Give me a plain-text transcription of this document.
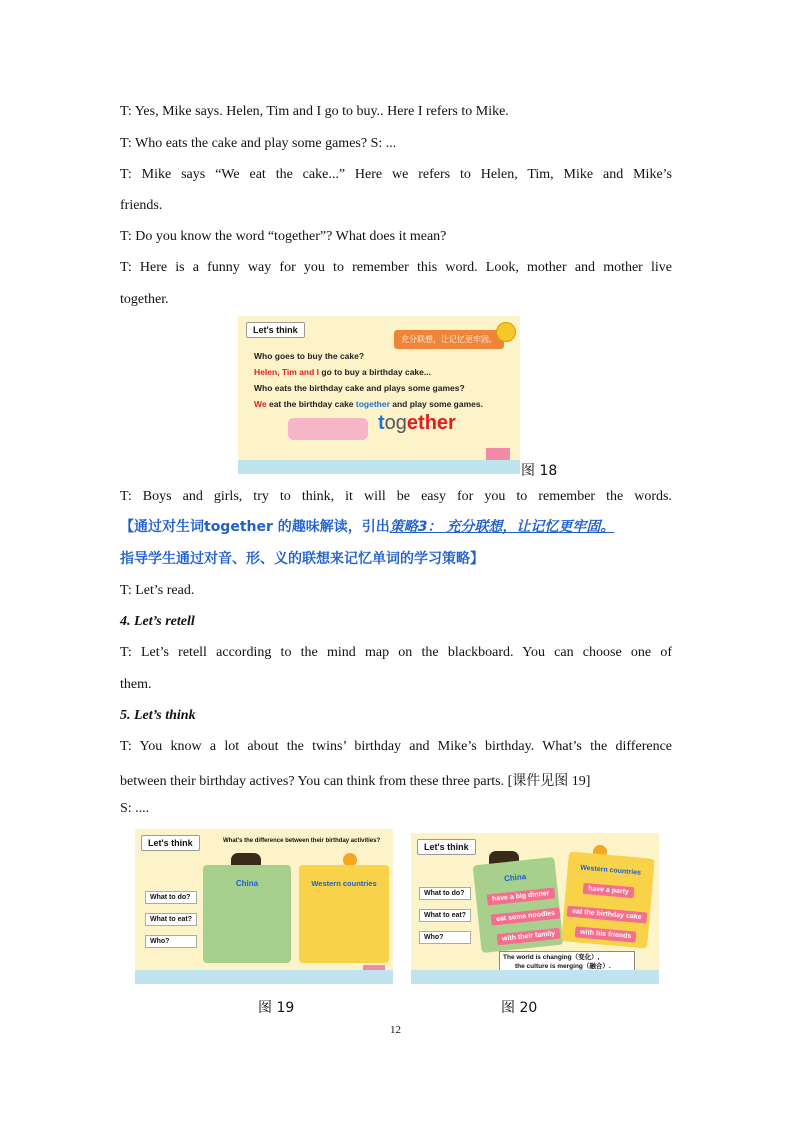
T: Yes, Mike says. Helen, Tim and I go to buy.. Here I refers to Mike.
T: Who eats the cake and play some games? S: ...
T: Mike says “We eat the cake...” Here we refers to Helen, Tim, Mike and Mike’s
friends.
T: Do you know the word “together”? What does it mean?
T: Here is a funny way for you to remember this word. Look, mother and mother live
together.
Let's think
充分联想，让记忆更牢固。
Who goes to buy the cake?
Helen, Tim and I go to buy a birthday cake...
Who eats the birthday cake and plays some games?
We eat the birthday cake together and play some games.
together
图 18
T: Boys and girls, try to think, it will be easy for you to remember the words.
【通过对生词together 的趣味解读，引出策略3： 充分联想，让记忆更牢固。
指导学生通过对音、形、义的联想来记忆单词的学习策略】
T: Let’s read.
4. Let’s retell
T: Let’s retell according to the mind map on the blackboard. You can choose one of
them.
5. Let’s think
T: You know a lot about the twins’ birthday and Mike’s birthday. What’s the difference
between their birthday actives? You can think from these three parts. [课件见图 19]
S: ....
Let's think	What's the difference between their birthday activities?
China	Western countries
What to do?
What to eat?
Who?
图 19
Let's think
China
Western countries
have a big dinner
eat some noodles
with their family
have a party
eat the birthday cake
with his friends
What to do?
What to eat?
Who?
The world is changing（变化）,
the culture is merging（融合）.
图 20
12
